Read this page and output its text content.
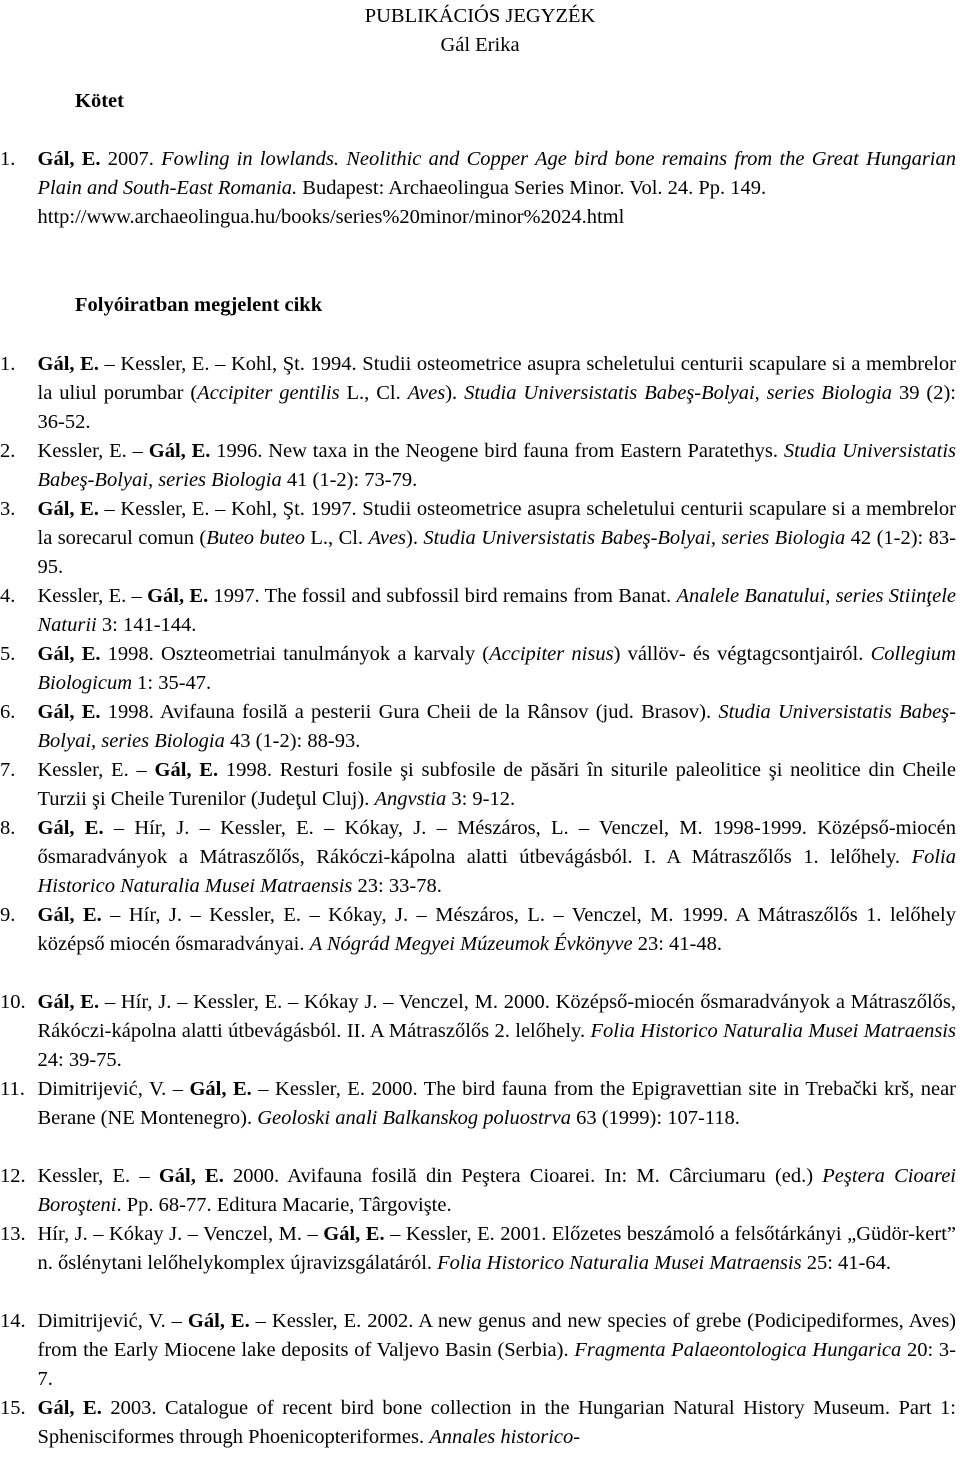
PUBLIKÁCIÓS JEGYZÉK
Gál Erika
Kötet
1. Gál, E. 2007. Fowling in lowlands. Neolithic and Copper Age bird bone remains from the Great Hungarian Plain and South-East Romania. Budapest: Archaeolingua Series Minor. Vol. 24. Pp. 149.
http://www.archaeolingua.hu/books/series%20minor/minor%2024.html
Folyóiratban megjelent cikk
1. Gál, E. – Kessler, E. – Kohl, Şt. 1994. Studii osteometrice asupra scheletului centurii scapulare si a membrelor la uliul porumbar (Accipiter gentilis L., Cl. Aves). Studia Universistatis Babeş-Bolyai, series Biologia 39 (2): 36-52.
2. Kessler, E. – Gál, E. 1996. New taxa in the Neogene bird fauna from Eastern Paratethys. Studia Universistatis Babeş-Bolyai, series Biologia 41 (1-2): 73-79.
3. Gál, E. – Kessler, E. – Kohl, Şt. 1997. Studii osteometrice asupra scheletului centurii scapulare si a membrelor la sorecarul comun (Buteo buteo L., Cl. Aves). Studia Universistatis Babeş-Bolyai, series Biologia 42 (1-2): 83-95.
4. Kessler, E. – Gál, E. 1997. The fossil and subfossil bird remains from Banat. Analele Banatului, series Stiinţele Naturii 3: 141-144.
5. Gál, E. 1998. Oszteometriai tanulmányok a karvaly (Accipiter nisus) vállöv- és végtagcsontjairól. Collegium Biologicum 1: 35-47.
6. Gál, E. 1998. Avifauna fosilă a pesterii Gura Cheii de la Rânsov (jud. Brasov). Studia Universistatis Babeş-Bolyai, series Biologia 43 (1-2): 88-93.
7. Kessler, E. – Gál, E. 1998. Resturi fosile şi subfosile de păsări în siturile paleolitice şi neolitice din Cheile Turzii şi Cheile Turenilor (Judeţul Cluj). Angvstia 3: 9-12.
8. Gál, E. – Hír, J. – Kessler, E. – Kókay, J. – Mészáros, L. – Venczel, M. 1998-1999. Középső-miocén ősmaradványok a Mátraszőlős, Rákóczi-kápolna alatti útbevágásból. I. A Mátraszőlős 1. lelőhely. Folia Historico Naturalia Musei Matraensis 23: 33-78.
9. Gál, E. – Hír, J. – Kessler, E. – Kókay, J. – Mészáros, L. – Venczel, M. 1999. A Mátraszőlős 1. lelőhely középső miocén ősmaradványai. A Nógrád Megyei Múzeumok Évkönyve 23: 41-48.
10. Gál, E. – Hír, J. – Kessler, E. – Kókay J. – Venczel, M. 2000. Középső-miocén ősmaradványok a Mátraszőlős, Rákóczi-kápolna alatti útbevágásból. II. A Mátraszőlős 2. lelőhely. Folia Historico Naturalia Musei Matraensis 24: 39-75.
11. Dimitrijević, V. – Gál, E. – Kessler, E. 2000. The bird fauna from the Epigravettian site in Trebački krš, near Berane (NE Montenegro). Geoloski anali Balkanskog poluostrva 63 (1999): 107-118.
12. Kessler, E. – Gál, E. 2000. Avifauna fosilă din Peştera Cioarei. In: M. Cârciumaru (ed.) Peştera Cioarei Boroşteni. Pp. 68-77. Editura Macarie, Târgovişte.
13. Hír, J. – Kókay J. – Venczel, M. – Gál, E. – Kessler, E. 2001. Előzetes beszámoló a felsőtárkányi „Güdör-kert” n. őslénytani lelőhelykomplex újravizsgálatáról. Folia Historico Naturalia Musei Matraensis 25: 41-64.
14. Dimitrijević, V. – Gál, E. – Kessler, E. 2002. A new genus and new species of grebe (Podicipediformes, Aves) from the Early Miocene lake deposits of Valjevo Basin (Serbia). Fragmenta Palaeontologica Hungarica 20: 3-7.
15. Gál, E. 2003. Catalogue of recent bird bone collection in the Hungarian Natural History Museum. Part 1: Sphenisciformes through Phoenicopteriformes. Annales historico-
